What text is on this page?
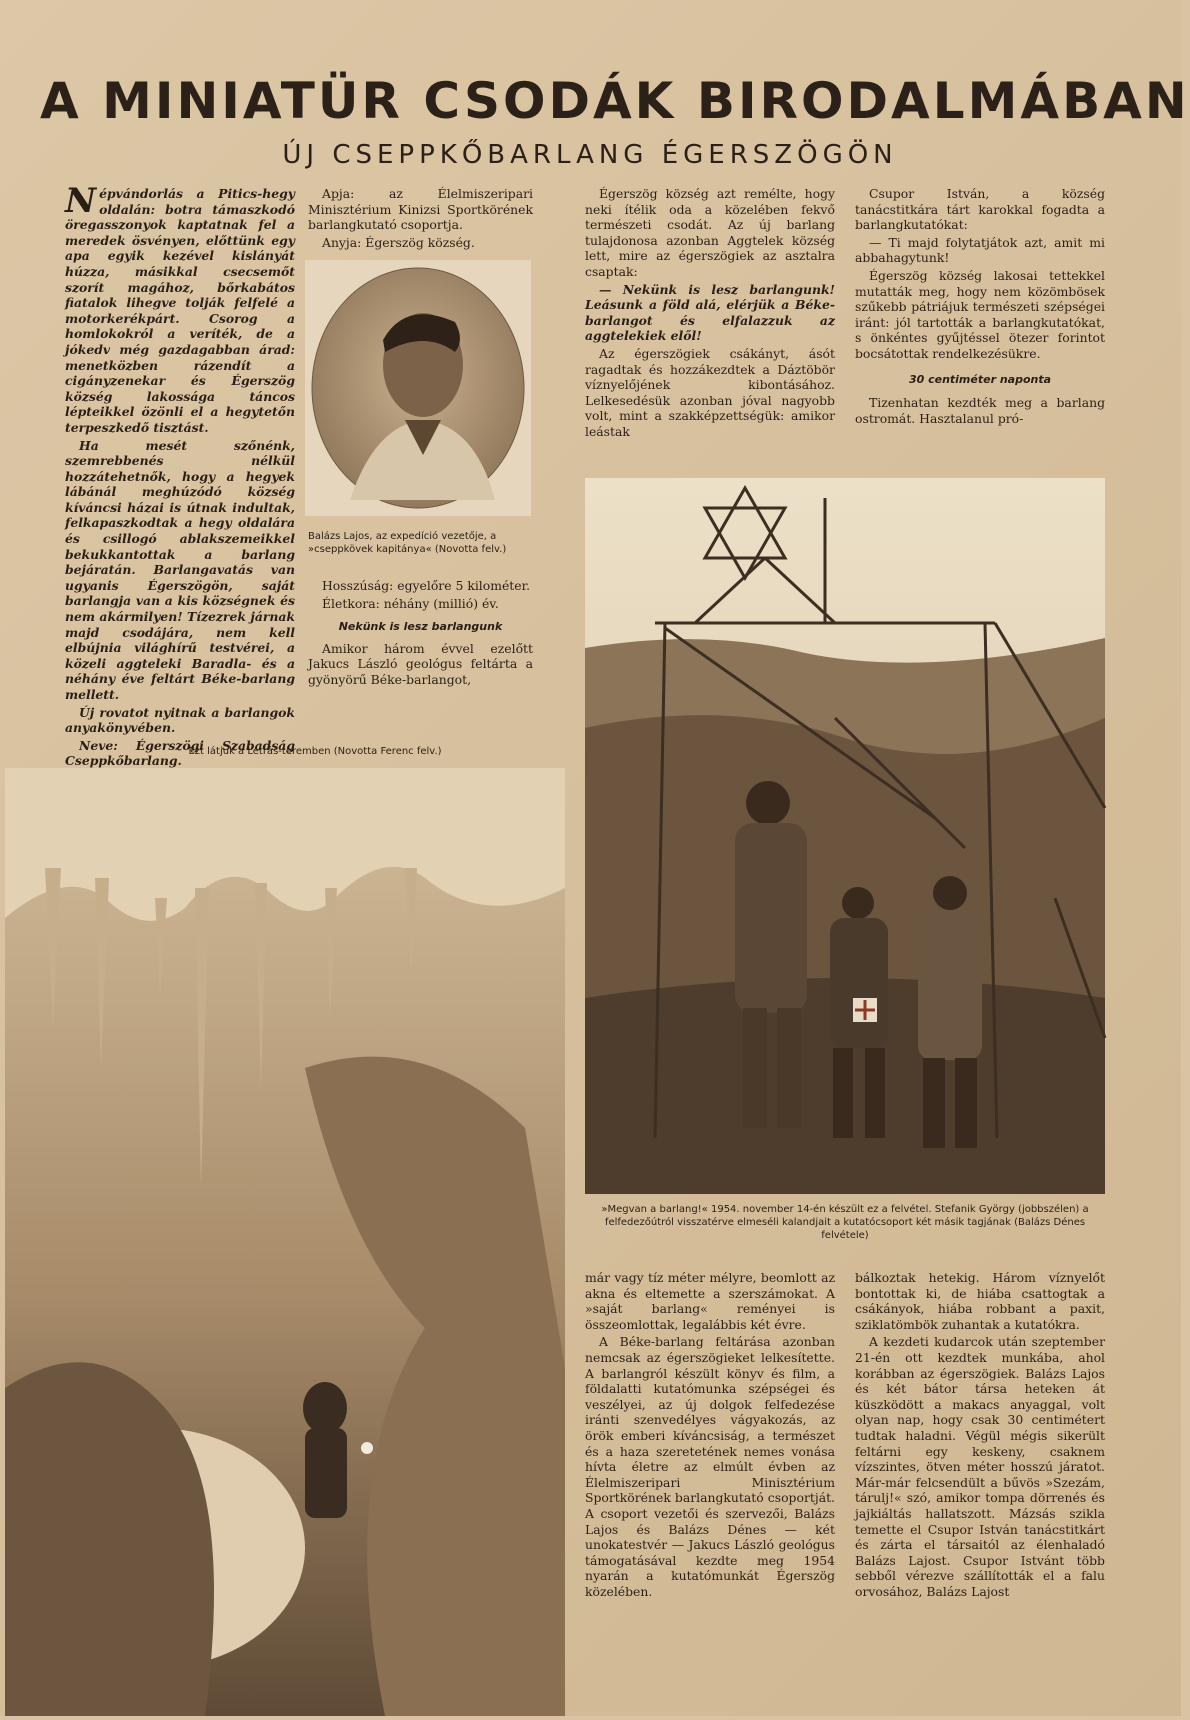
A MINIATÜR CSODÁK BIRODALMÁBAN
ÚJ CSEPPKŐBARLANG ÉGERSZÖGÖN

Népvándorlás a Pitics-hegy oldalán: botra támaszkodó öregasszonyok kaptatnak fel a meredek ösvényen, előttünk egy apa egyik kezével kislányát húzza, másikkal csecsemőt szorít magához, bőrkabátos fiatalok lihegve tolják felfelé a motorkerékpárt. Csorog a homlokokról a veríték, de a jókedv még gazdagabban árad: menetközben rázendít a cigányzenekar és Égerszög község lakossága táncos lépteikkel özönli el a hegytetőn terpeszkedő tisztást.

Ha mesét szőnénk, szemrebbenés nélkül hozzátehetnők, hogy a hegyek lábánál meghúzódó község kíváncsi házai is útnak indultak, felkapaszkodtak a hegy oldalára és csillogó ablakszemeikkel bekukkantottak a barlang bejáratán. Barlangavatás van ugyanis Égerszögön, saját barlangja van a kis községnek és nem akármilyen! Tízezrek járnak majd csodájára, nem kell elbújnia világhírű testvérei, a közeli aggteleki Baradla- és a néhány éve feltárt Béke-barlang mellett.

Új rovatot nyitnak a barlangok anyakönyvében.

Neve: Égerszögi Szabadság Cseppkőbarlang.

Apja: az Élelmiszeripari Minisztérium Kinizsi Sportkörének barlangkutató csoportja.

Anyja: Égerszög község.

Balázs Lajos, az expedíció vezetője, a »cseppkövek kapitánya« (Novotta felv.)

Hosszúság: egyelőre 5 kilométer.

Életkora: néhány (millió) év.

Nekünk is lesz barlangunk

Amikor három évvel ezelőtt Jakucs László geológus feltárta a gyönyörű Béke-barlangot,

Égerszög község azt remélte, hogy neki ítélik oda a közelében fekvő természeti csodát. Az új barlang tulajdonosa azonban Aggtelek község lett, mire az égerszögiek az asztalra csaptak:

— Nekünk is lesz barlangunk! Leásunk a föld alá, elérjük a Béke-barlangot és elfalazzuk az aggtelekiek elől!

Az égerszögiek csákányt, ásót ragadtak és hozzákezdtek a Dáztöbör víznyelőjének kibontásához. Lelkesedésük azonban jóval nagyobb volt, mint a szakképzettségük: amikor leástak

Csupor István, a község tanácstitkára tárt karokkal fogadta a barlangkutatókat:

— Ti majd folytatjátok azt, amit mi abbahagytunk!

Égerszög község lakosai tettekkel mutatták meg, hogy nem közömbösek szűkebb pátriájuk természeti szépségei iránt: jól tartották a barlangkutatókat, s önkéntes gyűjtéssel ötezer forintot bocsátottak rendelkezésükre.

30 centiméter naponta

Tizenhatan kezdték meg a barlang ostromát. Hasztalanul pró-

Ezt látjuk a Létrás-teremben (Novotta Ferenc felv.)
»Megvan a barlang!« 1954. november 14-én készült ez a felvétel. Stefanik György (jobbszélen) a felfedezőútról visszatérve elmeséli kalandjait a kutatócsoport két másik tagjának (Balázs Dénes felvétele)

már vagy tíz méter mélyre, beomlott az akna és eltemette a szerszámokat. A »saját barlang« reményei is összeomlottak, legalábbis két évre.

A Béke-barlang feltárása azonban nemcsak az égerszögieket lelkesítette. A barlangról készült könyv és film, a földalatti kutatómunka szépségei és veszélyei, az új dolgok felfedezése iránti szenvedélyes vágyakozás, az örök emberi kíváncsiság, a természet és a haza szeretetének nemes vonása hívta életre az elmúlt évben az Élelmiszeripari Minisztérium Sportkörének barlangkutató csoportját. A csoport vezetői és szervezői, Balázs Lajos és Balázs Dénes — két unokatestvér — Jakucs László geológus támogatásával kezdte meg 1954 nyarán a kutatómunkát Égerszög közelében.

bálkoztak hetekig. Három víznyelőt bontottak ki, de hiába csattogtak a csákányok, hiába robbant a paxit, sziklatömbök zuhantak a kutatókra.

A kezdeti kudarcok után szeptember 21-én ott kezdtek munkába, ahol korábban az égerszögiek. Balázs Lajos és két bátor társa heteken át küszködött a makacs anyaggal, volt olyan nap, hogy csak 30 centimétert tudtak haladni. Végül mégis sikerült feltárni egy keskeny, csaknem vízszintes, ötven méter hosszú járatot. Már-már felcsendült a bűvös »Szezám, tárulj!« szó, amikor tompa dörrenés és jajkiáltás hallatszott. Mázsás szikla temette el Csupor István tanácstitkárt és zárta el társaitól az élenhaladó Balázs Lajost. Csupor Istvánt több sebből vérezve szállították el a falu orvosához, Balázs Lajost
